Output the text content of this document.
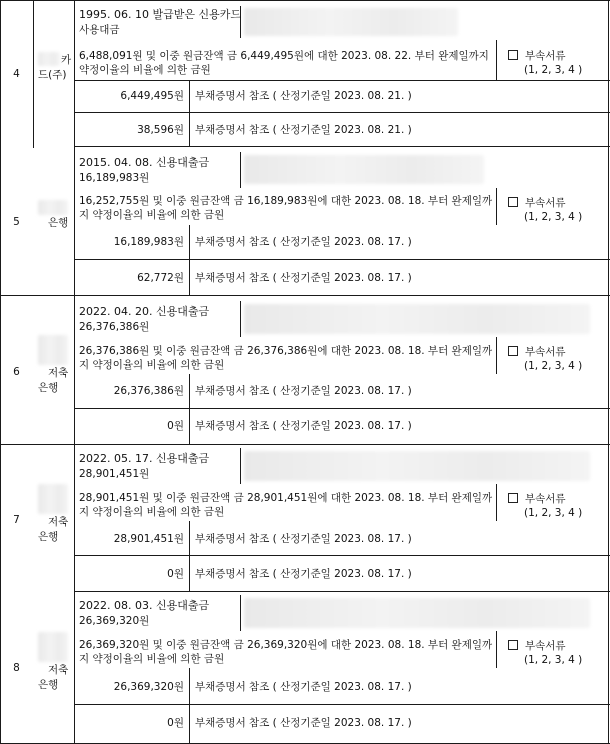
4
카
드(주)
1995. 06. 10 발급받은 신용카드
사용대금
6,488,091원 및 이중 원금잔액 금 6,449,495원에 대한 2023. 08. 22. 부터 완제일까지
약정이율의 비율에 의한 금원
부속서류
(1, 2, 3, 4 )
6,449,495원 부채증명서 참조 ( 산정기준일 2023. 08. 21. )
38,596원 부채증명서 참조 ( 산정기준일 2023. 08. 21. )
5	은행
2015. 04. 08. 신용대출금
16,189,983원
16,252,755원 및 이중 원금잔액 금 16,189,983원에 대한 2023. 08. 18. 부터 완제일까
지 약정이율의 비율에 의한 금원
부속서류
(1, 2, 3, 4 )
16,189,983원 부채증명서 참조 ( 산정기준일 2023. 08. 17. )
62,772원 부채증명서 참조 ( 산정기준일 2023. 08. 17. )
6	저축
은행
2022. 04. 20. 신용대출금
26,376,386원
26,376,386원 및 이중 원금잔액 금 26,376,386원에 대한 2023. 08. 18. 부터 완제일까
지 약정이율의 비율에 의한 금원
부속서류
(1, 2, 3, 4 )
26,376,386원 부채증명서 참조 ( 산정기준일 2023. 08. 17. )
0원 부채증명서 참조 ( 산정기준일 2023. 08. 17. )
7	저축
은행
2022. 05. 17. 신용대출금
28,901,451원
28,901,451원 및 이중 원금잔액 금 28,901,451원에 대한 2023. 08. 18. 부터 완제일까
지 약정이율의 비율에 의한 금원
부속서류
(1, 2, 3, 4 )
28,901,451원 부채증명서 참조 ( 산정기준일 2023. 08. 17. )
0원 부채증명서 참조 ( 산정기준일 2023. 08. 17. )
8	저축
은행
2022. 08. 03. 신용대출금
26,369,320원
26,369,320원 및 이중 원금잔액 금 26,369,320원에 대한 2023. 08. 18. 부터 완제일까
지 약정이율의 비율에 의한 금원
부속서류
(1, 2, 3, 4 )
26,369,320원 부채증명서 참조 ( 산정기준일 2023. 08. 17. )
0원 부채증명서 참조 ( 산정기준일 2023. 08. 17. )
